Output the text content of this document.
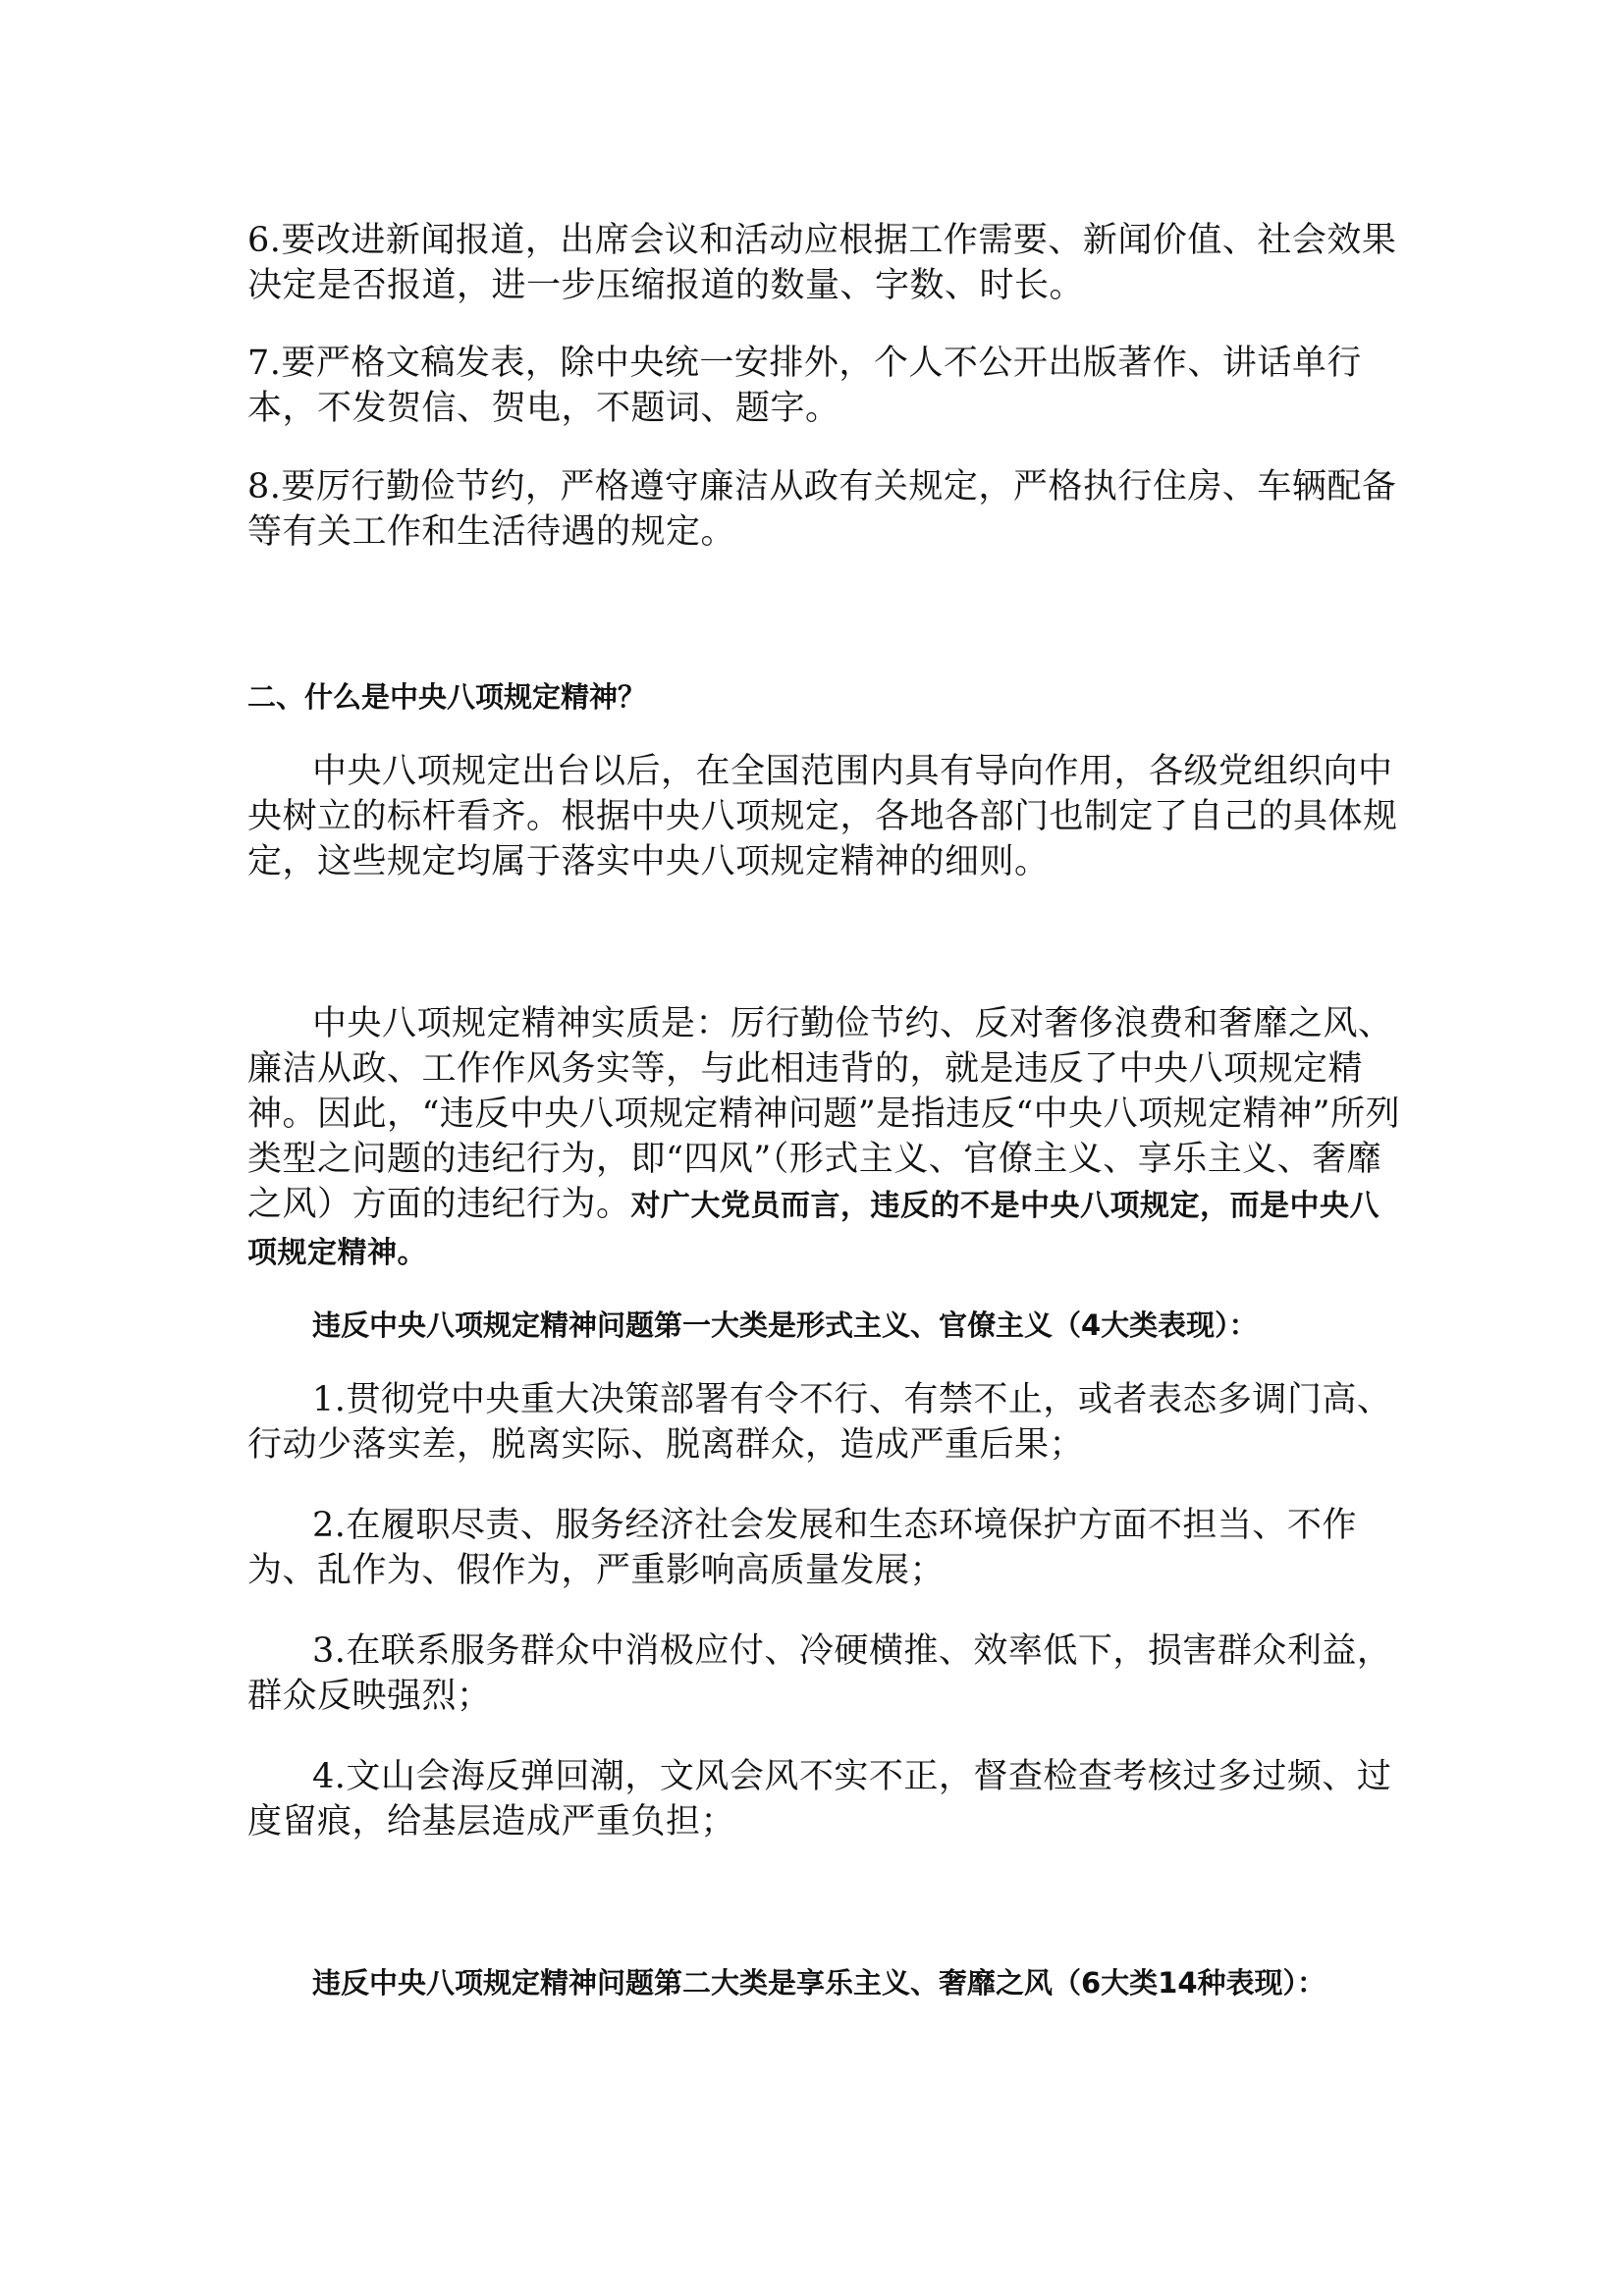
6.要改进新闻报道，出席会议和活动应根据工作需要、新闻价值、社会效果决定是否报道，进一步压缩报道的数量、字数、时长。

7.要严格文稿发表，除中央统一安排外，个人不公开出版著作、讲话单行本，不发贺信、贺电，不题词、题字。

8.要厉行勤俭节约，严格遵守廉洁从政有关规定，严格执行住房、车辆配备等有关工作和生活待遇的规定。

二、什么是中央八项规定精神？

中央八项规定出台以后，在全国范围内具有导向作用，各级党组织向中央树立的标杆看齐。根据中央八项规定，各地各部门也制定了自己的具体规定，这些规定均属于落实中央八项规定精神的细则。

中央八项规定精神实质是：厉行勤俭节约、反对奢侈浪费和奢靡之风、廉洁从政、工作作风务实等，与此相违背的，就是违反了中央八项规定精神。因此，“违反中央八项规定精神问题”是指违反“中央八项规定精神”所列类型之问题的违纪行为，即“四风”（形式主义、官僚主义、享乐主义、奢靡之风）方面的违纪行为。对广大党员而言，违反的不是中央八项规定，而是中央八项规定精神。

违反中央八项规定精神问题第一大类是形式主义、官僚主义（4大类表现）：

1.贯彻党中央重大决策部署有令不行、有禁不止，或者表态多调门高、行动少落实差，脱离实际、脱离群众，造成严重后果；

2.在履职尽责、服务经济社会发展和生态环境保护方面不担当、不作为、乱作为、假作为，严重影响高质量发展；

3.在联系服务群众中消极应付、冷硬横推、效率低下，损害群众利益，群众反映强烈；

4.文山会海反弹回潮，文风会风不实不正，督查检查考核过多过频、过度留痕，给基层造成严重负担；

违反中央八项规定精神问题第二大类是享乐主义、奢靡之风（6大类14种表现）：
